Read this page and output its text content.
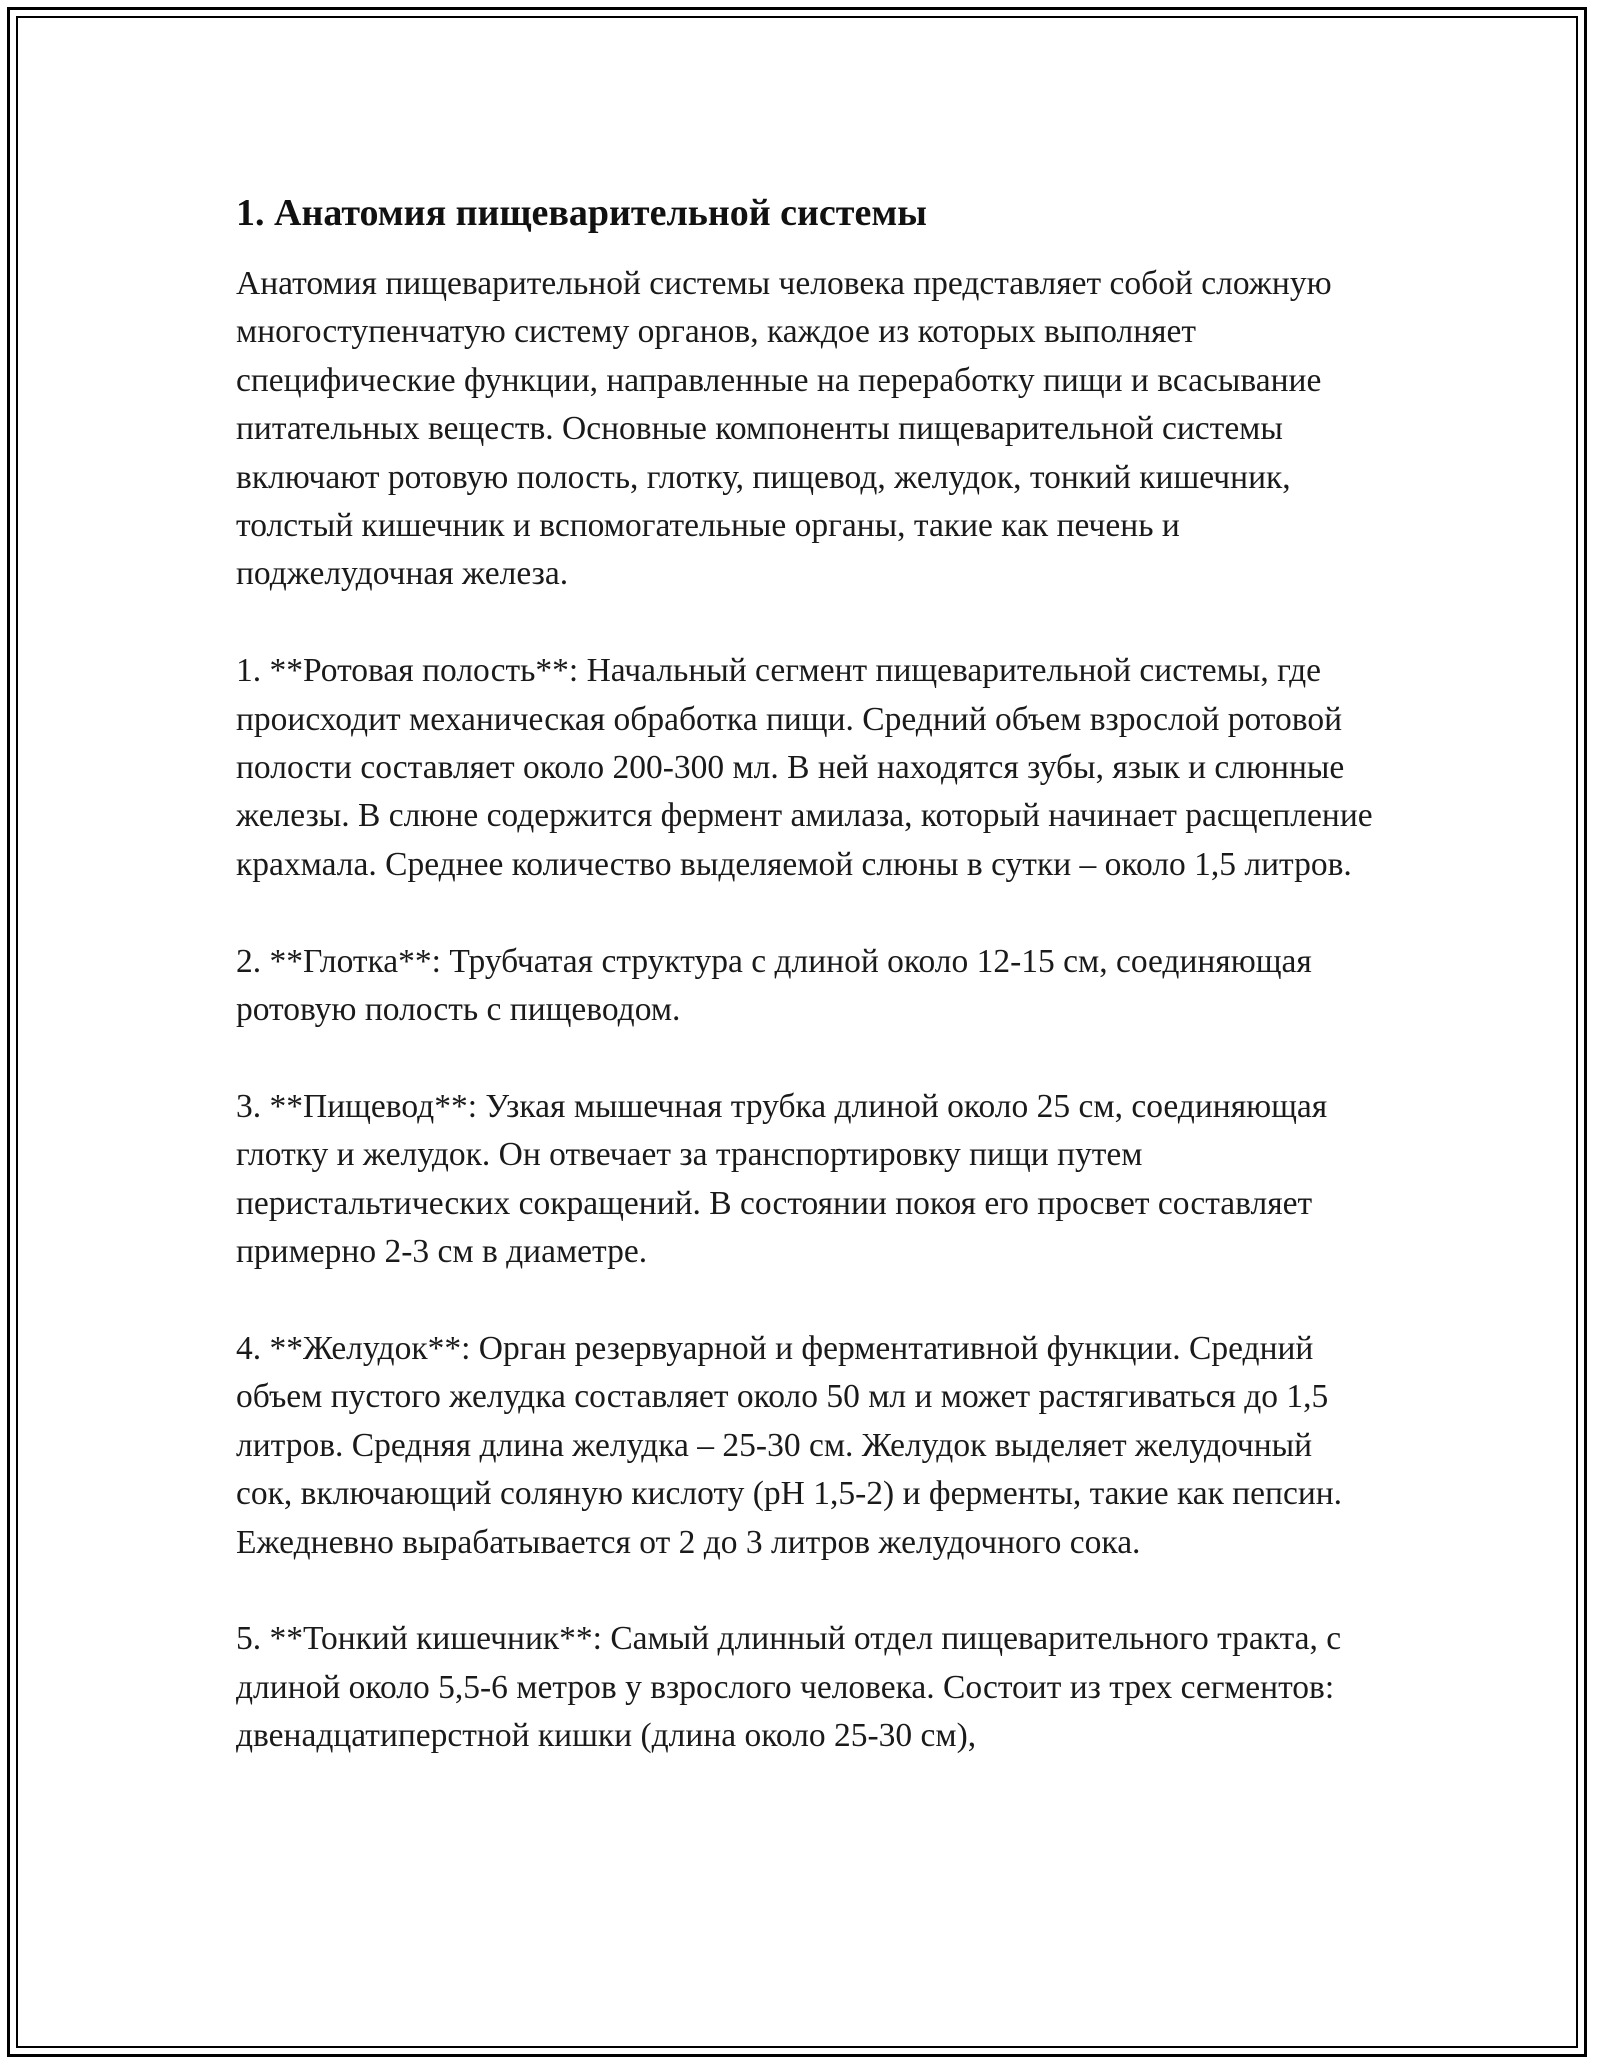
1. Анатомия пищеварительной системы

Анатомия пищеварительной системы человека представляет собой сложную многоступенчатую систему органов, каждое из которых выполняет специфические функции, направленные на переработку пищи и всасывание питательных веществ. Основные компоненты пищеварительной системы включают ротовую полость, глотку, пищевод, желудок, тонкий кишечник, толстый кишечник и вспомогательные органы, такие как печень и поджелудочная железа.

1. **Ротовая полость**: Начальный сегмент пищеварительной системы, где происходит механическая обработка пищи. Средний объем взрослой ротовой полости составляет около 200-300 мл. В ней находятся зубы, язык и слюнные железы. В слюне содержится фермент амилаза, который начинает расщепление крахмала. Среднее количество выделяемой слюны в сутки – около 1,5 литров.

2. **Глотка**: Трубчатая структура с длиной около 12-15 см, соединяющая ротовую полость с пищеводом.

3. **Пищевод**: Узкая мышечная трубка длиной около 25 см, соединяющая глотку и желудок. Он отвечает за транспортировку пищи путем перистальтических сокращений. В состоянии покоя его просвет составляет примерно 2-3 см в диаметре.

4. **Желудок**: Орган резервуарной и ферментативной функции. Средний объем пустого желудка составляет около 50 мл и может растягиваться до 1,5 литров. Средняя длина желудка – 25-30 см. Желудок выделяет желудочный сок, включающий соляную кислоту (pH 1,5-2) и ферменты, такие как пепсин. Ежедневно вырабатывается от 2 до 3 литров желудочного сока.

5. **Тонкий кишечник**: Самый длинный отдел пищеварительного тракта, с длиной около 5,5-6 метров у взрослого человека. Состоит из трех сегментов: двенадцатиперстной кишки (длина около 25-30 см),
